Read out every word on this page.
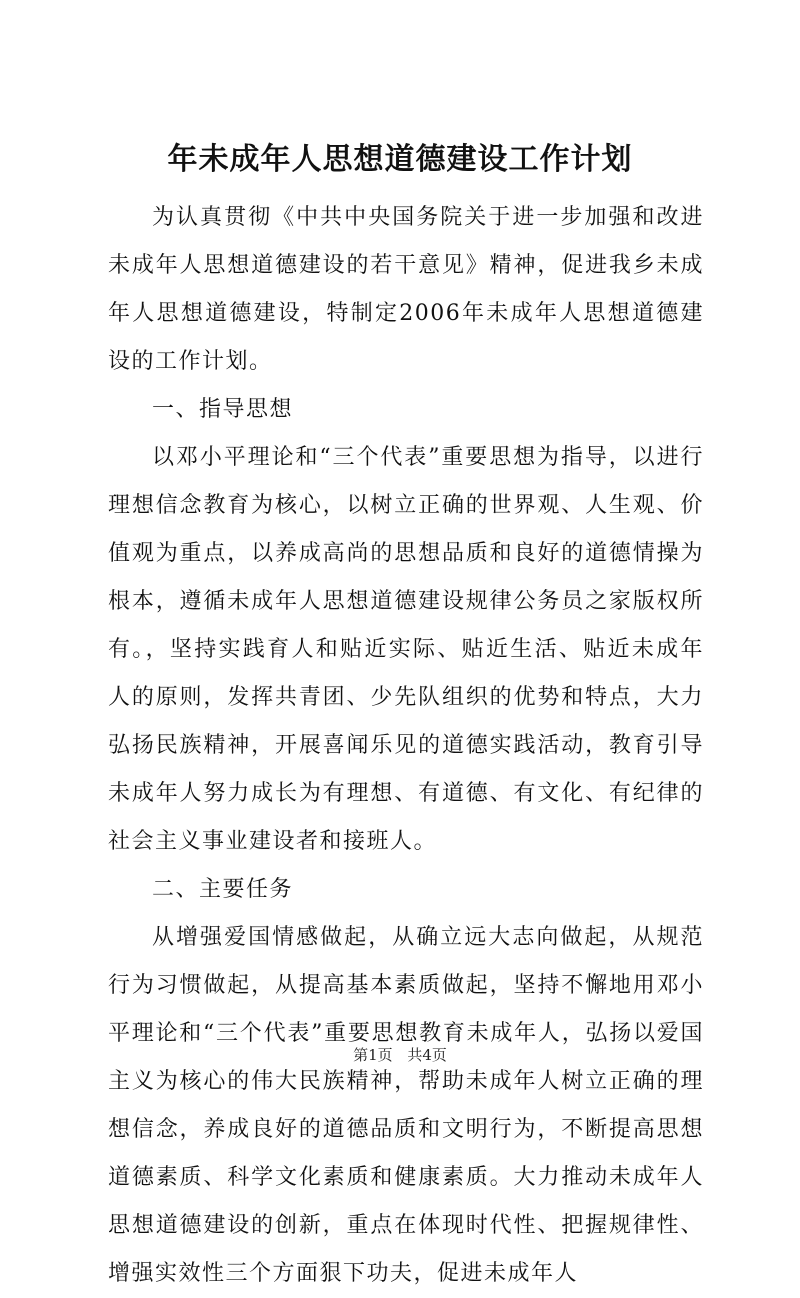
年未成年人思想道德建设工作计划

为认真贯彻《中共中央国务院关于进一步加强和改进未成年人思想道德建设的若干意见》精神，促进我乡未成年人思想道德建设，特制定2006年未成年人思想道德建设的工作计划。

一、指导思想

以邓小平理论和“三个代表”重要思想为指导，以进行理想信念教育为核心，以树立正确的世界观、人生观、价值观为重点，以养成高尚的思想品质和良好的道德情操为根本，遵循未成年人思想道德建设规律公务员之家版权所有。，坚持实践育人和贴近实际、贴近生活、贴近未成年人的原则，发挥共青团、少先队组织的优势和特点，大力弘扬民族精神，开展喜闻乐见的道德实践活动，教育引导未成年人努力成长为有理想、有道德、有文化、有纪律的社会主义事业建设者和接班人。

二、主要任务

从增强爱国情感做起，从确立远大志向做起，从规范行为习惯做起，从提高基本素质做起，坚持不懈地用邓小平理论和“三个代表”重要思想教育未成年人，弘扬以爱国主义为核心的伟大民族精神，帮助未成年人树立正确的理想信念，养成良好的道德品质和文明行为，不断提高思想道德素质、科学文化素质和健康素质。大力推动未成年人思想道德建设的创新，重点在体现时代性、把握规律性、增强实效性三个方面狠下功夫，促进未成年人

第1页 共4页
